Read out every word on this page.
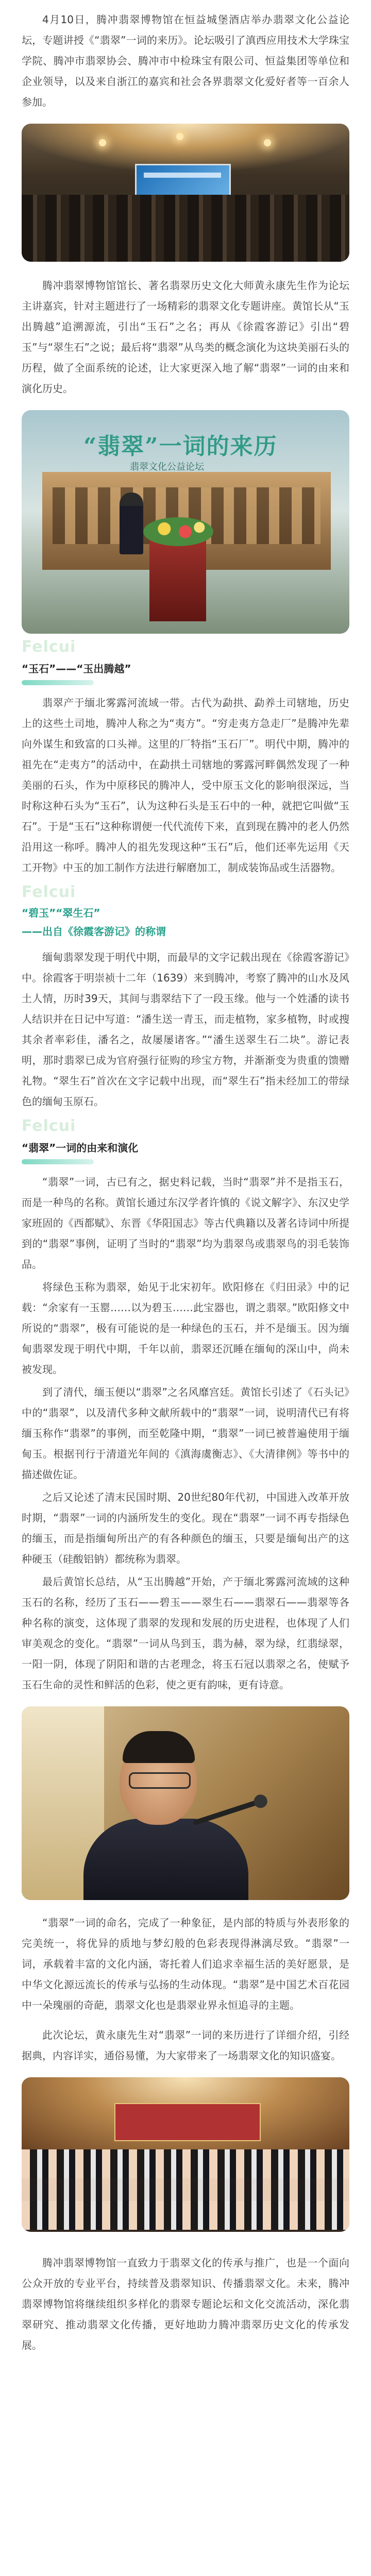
4月10日，腾冲翡翠博物馆在恒益城堡酒店举办翡翠文化公益论坛，专题讲授《“翡翠”一词的来历》。论坛吸引了滇西应用技术大学珠宝学院、腾冲市翡翠协会、腾冲市中检珠宝有限公司、恒益集团等单位和企业领导，以及来自浙江的嘉宾和社会各界翡翠文化爱好者等一百余人参加。

腾冲翡翠博物馆馆长、著名翡翠历史文化大师黄永康先生作为论坛主讲嘉宾，针对主题进行了一场精彩的翡翠文化专题讲座。黄馆长从“玉出腾越”追溯源流，引出“玉石”之名；再从《徐霞客游记》引出“碧玉”与“翠生石”之说；最后将“翡翠”从鸟类的概念演化为这块美丽石头的历程，做了全面系统的论述，让大家更深入地了解“翡翠”一词的由来和演化历史。

“翡翠”一词的来历
翡翠文化公益论坛
Felcui
“玉石”——“玉出腾越”

翡翠产于缅北雾露河流域一带。古代为勐拱、勐养土司辖地，历史上的这些土司地，腾冲人称之为“夷方”。“穷走夷方急走厂”是腾冲先辈向外谋生和致富的口头禅。这里的厂特指“玉石厂”。明代中期，腾冲的祖先在“走夷方”的活动中，在勐拱土司辖地的雾露河畔偶然发现了一种美丽的石头，作为中原移民的腾冲人，受中原玉文化的影响很深远，当时称这种石头为“玉石”，认为这种石头是玉石中的一种，就把它叫做“玉石”。于是“玉石”这种称谓便一代代流传下来，直到现在腾冲的老人仍然沿用这一称呼。腾冲人的祖先发现这种“玉石”后，他们还率先运用《天工开物》中玉的加工制作方法进行解磨加工，制成装饰品或生活器物。

Felcui
“碧玉”“翠生石”
——出自《徐霞客游记》的称谓

缅甸翡翠发现于明代中期，而最早的文字记载出现在《徐霞客游记》中。徐霞客于明崇祯十二年（1639）来到腾冲，考察了腾冲的山水及风土人情，历时39天，其间与翡翠结下了一段玉缘。他与一个姓潘的读书人结识并在日记中写道：“潘生送一青玉，而走植物，家多植物，时或搜其余者率彩佳，潘名之，故屡屡诸客。”“潘生送翠生石二块”。游记表明，那时翡翠已成为官府强行征购的珍宝方物，并渐渐变为贵重的馈赠礼物。“翠生石”首次在文字记载中出现，而“翠生石”指未经加工的带绿色的缅甸玉原石。

Felcui
“翡翠”一词的由来和演化

“翡翠”一词，古已有之，据史料记载，当时“翡翠”并不是指玉石，而是一种鸟的名称。黄馆长通过东汉学者许慎的《说文解字》、东汉史学家班固的《西都赋》、东晋《华阳国志》等古代典籍以及著名诗词中所提到的“翡翠”事例，证明了当时的“翡翠”均为翡翠鸟或翡翠鸟的羽毛装饰品。

将绿色玉称为翡翠，始见于北宋初年。欧阳修在《归田录》中的记载：“余家有一玉罂……以为碧玉……此宝器也，谓之翡翠。”欧阳修文中所说的“翡翠”，极有可能说的是一种绿色的玉石，并不是缅玉。因为缅甸翡翠发现于明代中期，千年以前，翡翠还沉睡在缅甸的深山中，尚未被发现。

到了清代，缅玉便以“翡翠”之名风靡宫廷。黄馆长引述了《石头记》中的“翡翠”，以及清代多种文献所载中的“翡翠”一词，说明清代已有将缅玉称作“翡翠”的事例，而至乾隆中期，“翡翠”一词已被普遍使用于缅甸玉。根据刊行于清道光年间的《滇海虞衡志》、《大清律例》等书中的描述做佐证。

之后又论述了清末民国时期、20世纪80年代初，中国进入改革开放时期，“翡翠”一词的内涵所发生的变化。现在“翡翠”一词不再专指绿色的缅玉，而是指缅甸所出产的有各种颜色的缅玉，只要是缅甸出产的这种硬玉（硅酸铝钠）都统称为翡翠。

最后黄馆长总结，从“玉出腾越”开始，产于缅北雾露河流域的这种玉石的名称，经历了玉石——碧玉——翠生石——翡翠石——翡翠等各种名称的演变，这体现了翡翠的发现和发展的历史进程，也体现了人们审美观念的变化。“翡翠”一词从鸟到玉，翡为赫，翠为绿，红翡绿翠，一阳一阴，体现了阴阳和谐的古老理念，将玉石冠以翡翠之名，使赋予玉石生命的灵性和鲜活的色彩，使之更有韵味，更有诗意。

“翡翠”一词的命名，完成了一种象征，是内部的特质与外表形象的完美统一，将优异的质地与梦幻般的色彩表现得淋漓尽致。“翡翠”一词，承载着丰富的文化内涵，寄托着人们追求幸福生活的美好愿景，是中华文化源远流长的传承与弘扬的生动体现。“翡翠”是中国艺术百花园中一朵瑰丽的奇葩，翡翠文化也是翡翠业界永恒追寻的主题。

此次论坛，黄永康先生对“翡翠”一词的来历进行了详细介绍，引经据典，内容详实，通俗易懂，为大家带来了一场翡翠文化的知识盛宴。

腾冲翡翠博物馆一直致力于翡翠文化的传承与推广，也是一个面向公众开放的专业平台，持续普及翡翠知识、传播翡翠文化。未来，腾冲翡翠博物馆将继续组织多样化的翡翠专题论坛和文化交流活动，深化翡翠研究、推动翡翠文化传播，更好地助力腾冲翡翠历史文化的传承发展。
